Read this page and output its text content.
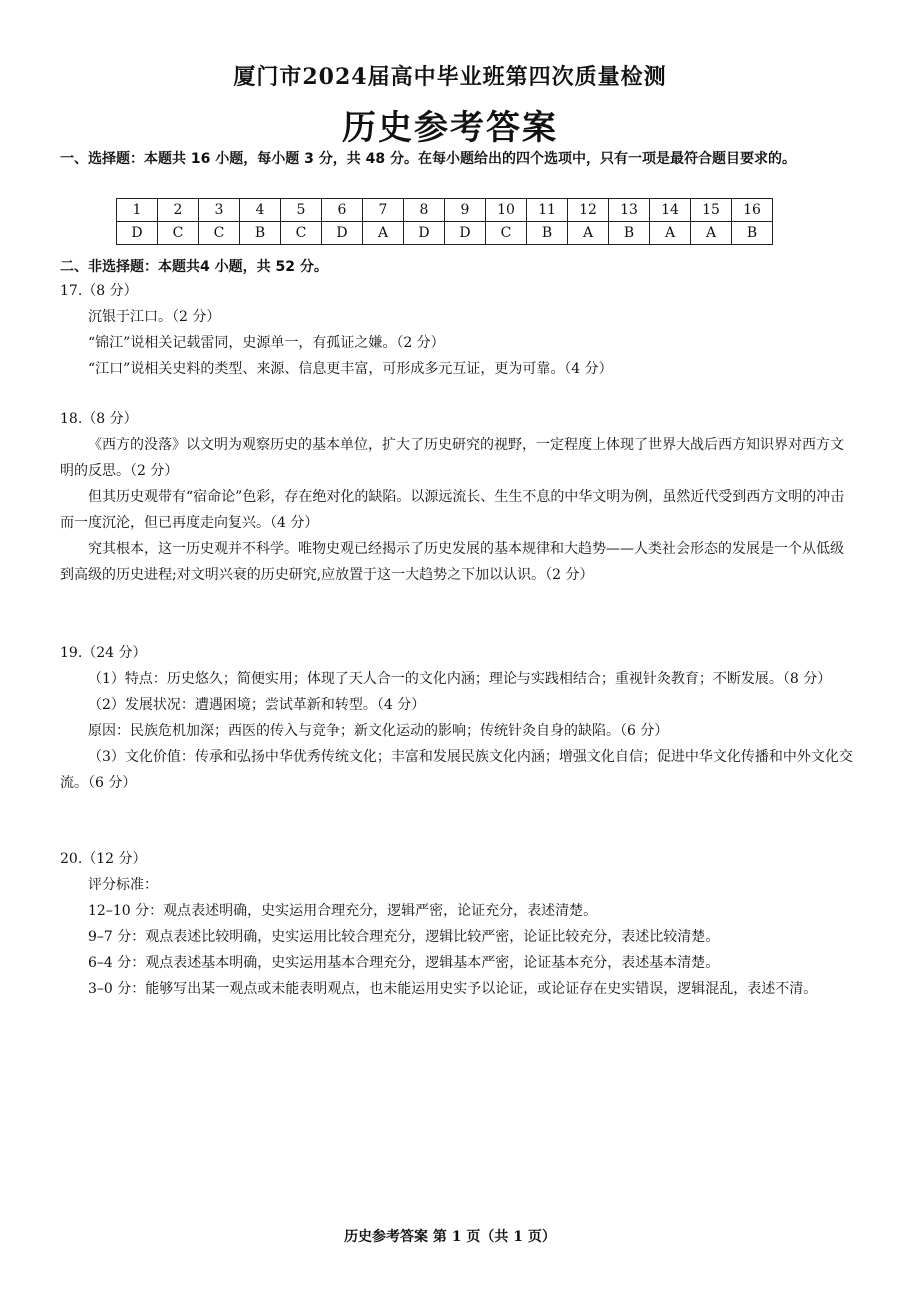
厦门市2024届高中毕业班第四次质量检测
历史参考答案
一、选择题：本题共 16 小题，每小题 3 分，共 48 分。在每小题给出的四个选项中，只有一项是最符合题目要求的。
1	2	3	4	5	6	7	8	9	10	11	12	13	14	15	16
D	C	C	B	C	D	A	D	D	C	B	A	B	A	A	B
二、非选择题：本题共4 小题，共 52 分。

17.（8 分）

沉银于江口。（2 分）

“锦江”说相关记载雷同，史源单一，有孤证之嫌。（2 分）

“江口”说相关史料的类型、来源、信息更丰富，可形成多元互证，更为可靠。（4 分）

18.（8 分）

《西方的没落》以文明为观察历史的基本单位，扩大了历史研究的视野，一定程度上体现了世界大战后西方知识界对西方文明的反思。（2 分）

但其历史观带有“宿命论”色彩，存在绝对化的缺陷。以源远流长、生生不息的中华文明为例，虽然近代受到西方文明的冲击而一度沉沦，但已再度走向复兴。（4 分）

究其根本，这一历史观并不科学。唯物史观已经揭示了历史发展的基本规律和大趋势——人类社会形态的发展是一个从低级到高级的历史进程;对文明兴衰的历史研究,应放置于这一大趋势之下加以认识。（2 分）

19.（24 分）

（1）特点：历史悠久；简便实用；体现了天人合一的文化内涵；理论与实践相结合；重视针灸教育；不断发展。（8 分）

（2）发展状况：遭遇困境；尝试革新和转型。（4 分）

原因：民族危机加深；西医的传入与竞争；新文化运动的影响；传统针灸自身的缺陷。（6 分）

（3）文化价值：传承和弘扬中华优秀传统文化；丰富和发展民族文化内涵；增强文化自信；促进中华文化传播和中外文化交流。（6 分）

20.（12 分）

评分标准：

12–10 分：观点表述明确，史实运用合理充分，逻辑严密，论证充分，表述清楚。

9–7 分：观点表述比较明确，史实运用比较合理充分，逻辑比较严密，论证比较充分，表述比较清楚。

6–4 分：观点表述基本明确，史实运用基本合理充分，逻辑基本严密，论证基本充分，表述基本清楚。

3–0 分：能够写出某一观点或未能表明观点，也未能运用史实予以论证，或论证存在史实错误，逻辑混乱，表述不清。

历史参考答案 第 1 页（共 1 页）
